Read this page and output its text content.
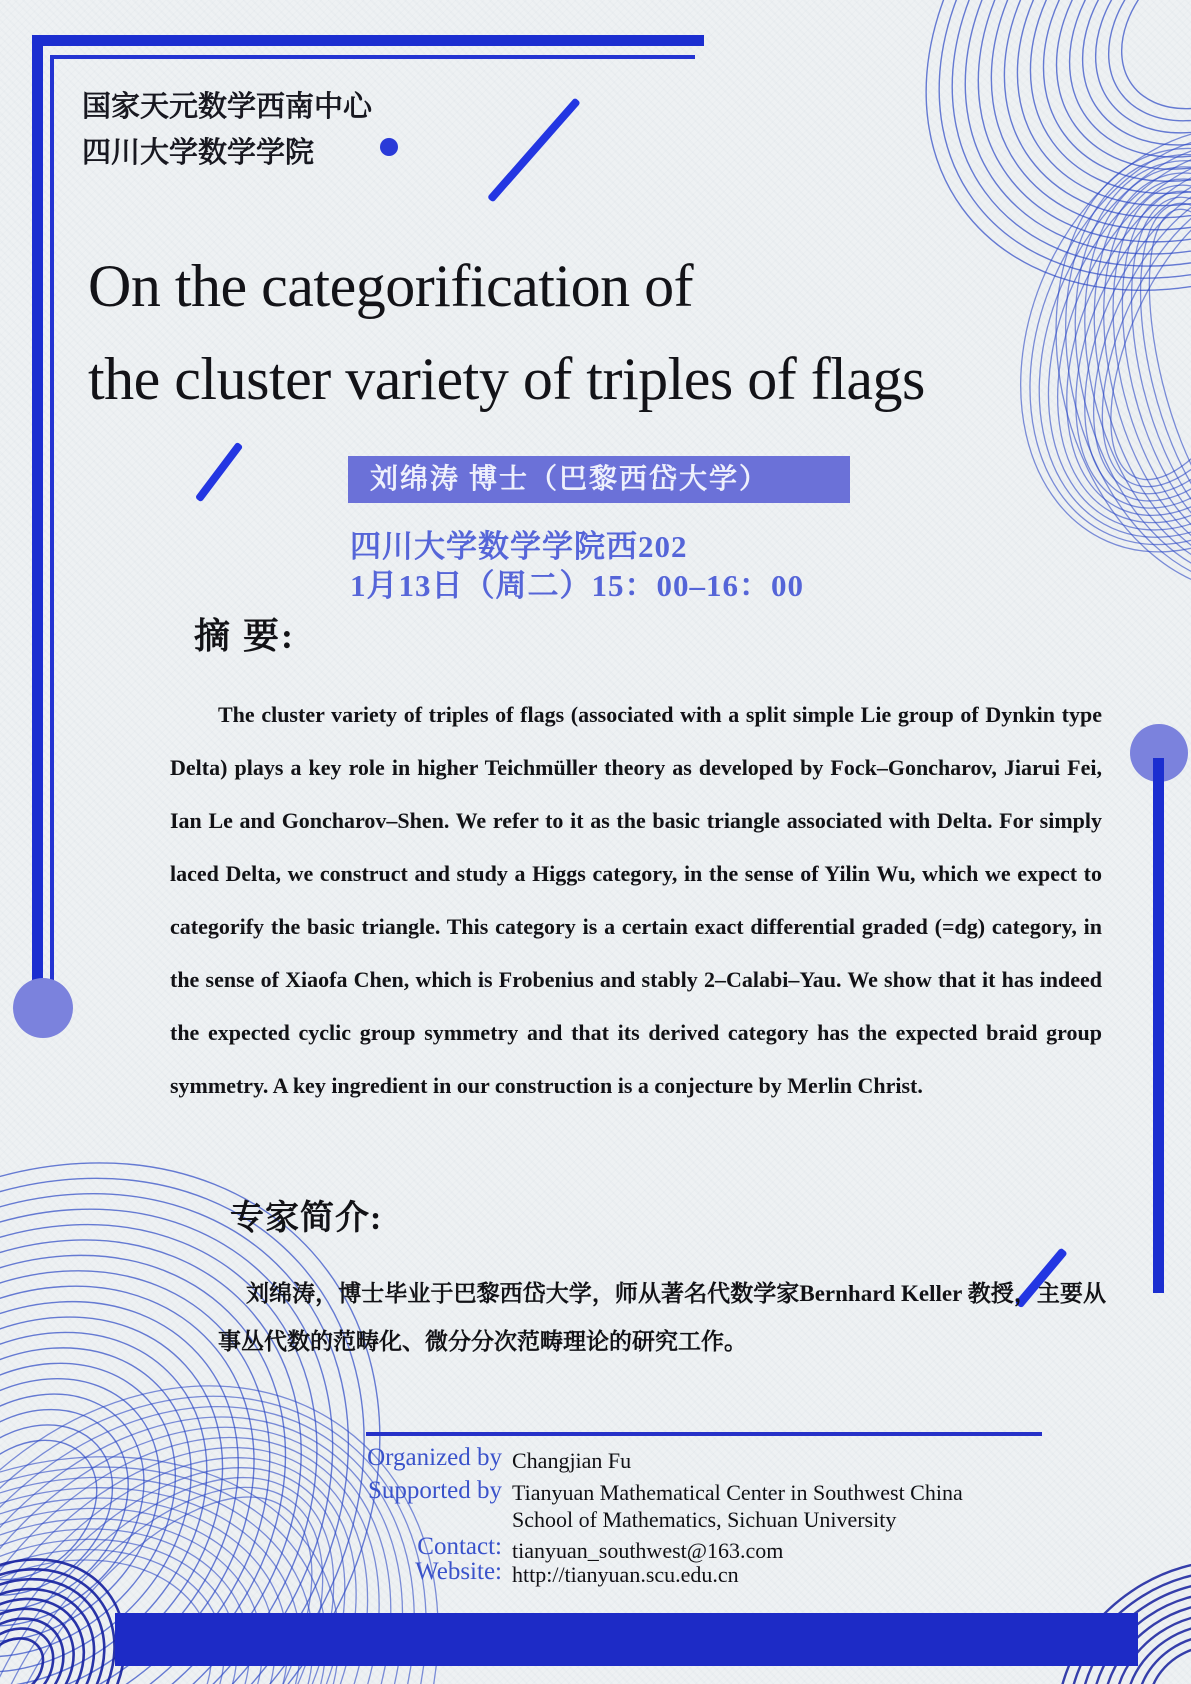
国家天元数学西南中心
四川大学数学学院
On the categorification of
the cluster variety of triples of flags
刘绵涛 博士（巴黎西岱大学）
四川大学数学学院西202
1月13日（周二）15：00–16：00
摘 要:
The cluster variety of triples of flags (associated with a split simple Lie group of Dynkin type Delta) plays a key role in higher Teichmüller theory as developed by Fock–Goncharov, Jiarui Fei, Ian Le and Goncharov–Shen. We refer to it as the basic triangle associated with Delta. For simply laced Delta, we construct and study a Higgs category, in the sense of Yilin Wu, which we expect to categorify the basic triangle. This category is a certain exact differential graded (=dg) category, in the sense of Xiaofa Chen, which is Frobenius and stably 2–Calabi–Yau. We show that it has indeed the expected cyclic group symmetry and that its derived category has the expected braid group symmetry. A key ingredient in our construction is a conjecture by Merlin Christ.
专家简介:
刘绵涛，博士毕业于巴黎西岱大学，师从著名代数学家Bernhard Keller 教授，主要从事丛代数的范畴化、微分分次范畴理论的研究工作。
Organized by Changjian Fu
Supported by Tianyuan Mathematical Center in Southwest China
School of Mathematics, Sichuan University
Contact: tianyuan_southwest@163.com
Website: http://tianyuan.scu.edu.cn
